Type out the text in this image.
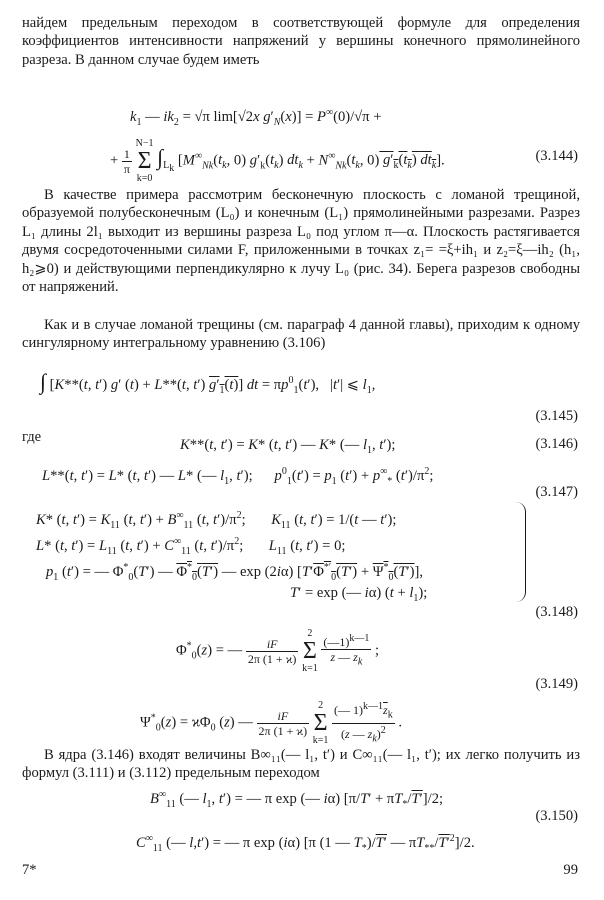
найдем предельным переходом в соответствующей формуле для определения коэффициентов интенсивности напряжений у вершины конечного прямолинейного разреза. В данном случае будем иметь

$k_1$ — $ik_2 = √\pi$ lim[√2x $g'_N(x)] = P^\infty(0)/√\pi$ +
+ $\frac{1}{\pi}$
N−1
Σ
k=0 $\int_{L_k}$ [$M^\infty_{Nk}(t_k$, 0) $g'_k(t_k) dt_k + N^\infty_{Nk}(t_k$, 0) $g'_k(t_k)$ $dt_k$].	(3.144)

В качестве примера рассмотрим бесконечную плоскость с ломаной трещиной, образуемой полубесконечным (L₀) и конечным (L₁) прямолинейными разрезами. Разрез L₁ длины 2l₁ выходит из вершины разреза L₀ под углом π—α. Плоскость растягивается двумя сосредоточенными силами F, приложенными в точках z₁= =ξ+ih₁ и z₂=ξ—ih₂ (h₁, h₂⩾0) и действующими перпендикулярно к лучу L₀ (рис. 34). Берега разрезов свободны от напряжений.

Как и в случае ломаной трещины (см. параграф 4 данной главы), приходим к одному сингулярному интегральному уравнению (3.106)

∫ [K**(t, t′) g′ (t) + L**(t, t′) $g'_1(t)$] dt = $\pi p^0_1(t')$,   |t′| ⩽ $l_1$,
(3.145)
где	K**(t, t′) = K* (t, t′) — K* (— $l_1$, t′);	(3.146)
L**(t, t′) = L* (t, t′) — L* (— $l_1$, t′);      $p^0_1(t') = p_1$ $(t') + p^\infty_*$ $(t')/\pi^2$;
(3.147)
K* (t, $t') = K_{11}$ (t, $t') + B^\infty_{11}$ (t, $t')/\pi^2$;       $K_{11}$ (t, t′) = 1/(t — t′);
L* (t, $t') = L_{11}$ (t, $t') + C^\infty_{11}$ (t, $t')/\pi^2$;       $L_{11}$ (t, t′) = 0;
$p_1$ (t′) = — $\Phi^*_0(T')$ — $\Phi^*_0(T')$ — exp (2iα) $[T'\Phi^{*'}_0(T') + \Psi^*_0(T')]$,
T′ = exp (— iα) $(t + l_1)$;
(3.148)
$\Phi^*_0(z)$ = — $\frac{iF}{2\pi (1 + ϰ)}$
2
Σ
$k=1 \frac{(—1)^{k—1}}{z — z_k}$ ;
(3.149)
$\Psi^*_0(z) = ϰ\Phi_0$ (z) — $\frac{iF}{2\pi (1 + ϰ)}$
2
Σ
$k=1 \frac{(— 1)^{k—1}\overline{z}_k}{(z — z_k)^2}$ .

В ядра (3.146) входят величины B∞₁₁(— l₁, t′) и C∞₁₁(— l₁, t′); их легко получить из формул (3.111) и (3.112) предельным переходом

$B^\infty_{11}$ (— $l_1$, t′) = — π exp (— iα) $[\pi/T' + \pi T_*/T']/2$;
(3.150)
$C^\infty_{11}$ (— l,t′) = — π exp (iα) [π (1 — $T_*)/T'$ — $\pi T_{**}/T'^2]/2$.
7*	99
